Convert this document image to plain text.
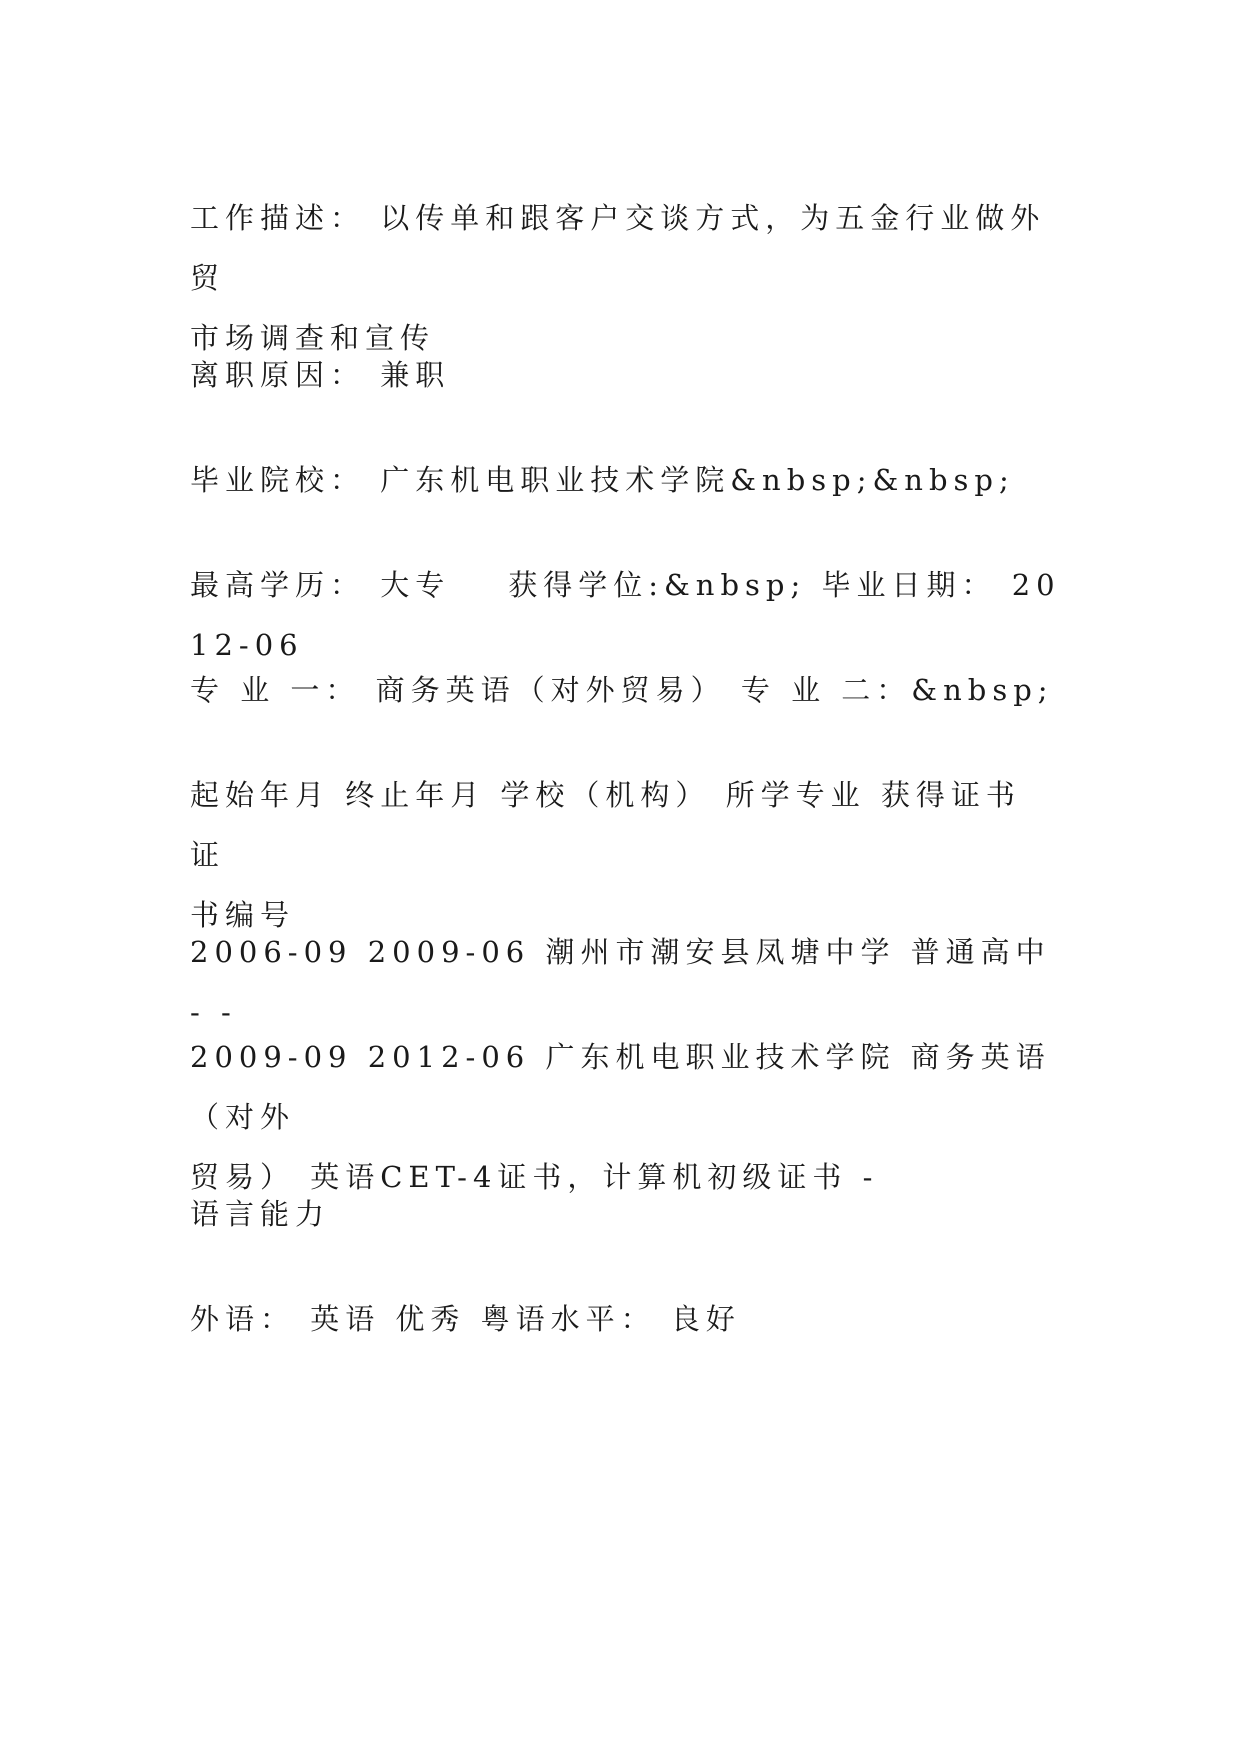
工作描述： 以传单和跟客户交谈方式，为五金行业做外贸
市场调查和宣传

离职原因： 兼职

毕业院校： 广东机电职业技术学院&nbsp;&nbsp;

最高学历： 大专 获得学位:&nbsp; 毕业日期： 2012-06

专 业 一： 商务英语（对外贸易） 专 业 二：&nbsp;

起始年月 终止年月 学校（机构） 所学专业 获得证书 证
书编号

2006-09 2009-06 潮州市潮安县凤塘中学 普通高中 - -

2009-09 2012-06 广东机电职业技术学院 商务英语（对外
贸易） 英语CET-4证书，计算机初级证书 -

语言能力

外语： 英语 优秀 粤语水平： 良好
